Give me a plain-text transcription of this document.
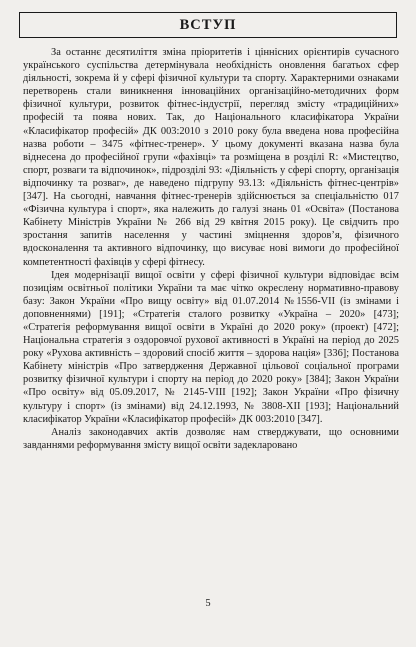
ВСТУП

За останнє десятиліття зміна пріоритетів і ціннісних орієнтирів сучасного українського суспільства детермінувала необхідність оновлення багатьох сфер діяльності, зокрема й у сфері фізичної культури та спорту. Характерними ознаками перетворень стали виникнення інноваційних організаційно-методичних форм фізичної культури, розвиток фітнес-індустрії, перегляд змісту «традиційних» професій та поява нових. Так, до Національного класифікатора України «Класифікатор професій» ДК 003:2010 з 2010 року була введена нова професійна назва роботи – 3475 «фітнес-тренер». У цьому документі вказана назва була віднесена до професійної групи «фахівці» та розміщена в розділі R: «Мистецтво, спорт, розваги та відпочинок», підрозділі 93: «Діяльність у сфері спорту, організація відпочинку та розваг», де наведено підгрупу 93.13: «Діяльність фітнес-центрів» [347]. На сьогодні, навчання фітнес-тренерів здійснюється за спеціальністю 017 «Фізична культура і спорт», яка належить до галузі знань 01 «Освіта» (Постанова Кабінету Міністрів України № 266 від 29 квітня 2015 року). Це свідчить про зростання запитів населення у частині зміцнення здоров’я, фізичного вдосконалення та активного відпочинку, що висуває нові вимоги до професійної компетентності фахівців у сфері фітнесу.

Ідея модернізації вищої освіти у сфері фізичної культури відповідає всім позиціям освітньої політики України та має чітко окреслену нормативно-правову базу: Закон України «Про вищу освіту» від 01.07.2014 №1556-VII (із змінами і доповненнями) [191]; «Стратегія сталого розвитку «Україна – 2020» [473]; «Стратегія реформування вищої освіти в Україні до 2020 року» (проект) [472]; Національна стратегія з оздоровчої рухової активності в Україні на період до 2025 року «Рухова активність – здоровий спосіб життя – здорова нація» [336]; Постанова Кабінету міністрів «Про затвердження Державної цільової соціальної програми розвитку фізичної культури і спорту на період до 2020 року» [384]; Закон України «Про освіту» від 05.09.2017, № 2145-VIII [192]; Закон України «Про фізичну культуру і спорт» (із змінами) від 24.12.1993, № 3808-XII [193]; Національний класифікатор України «Класифікатор професій» ДК 003:2010 [347].

Аналіз законодавчих актів дозволяє нам стверджувати, що основними завданнями реформування змісту вищої освіти задекларовано

5
